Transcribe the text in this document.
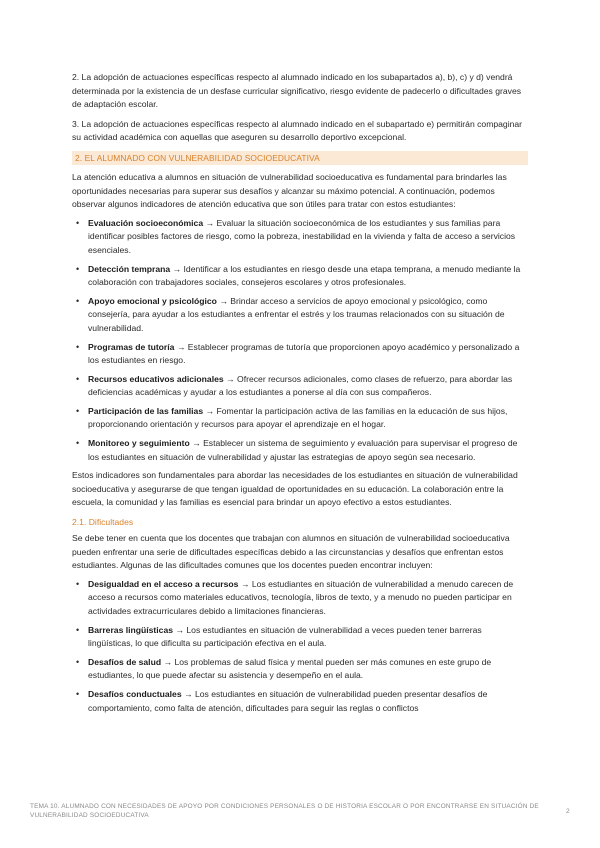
2. La adopción de actuaciones específicas respecto al alumnado indicado en los subapartados a), b), c) y d) vendrá determinada por la existencia de un desfase curricular significativo, riesgo evidente de padecerlo o dificultades graves de adaptación escolar.

3. La adopción de actuaciones específicas respecto al alumnado indicado en el subapartado e) permitirán compaginar su actividad académica con aquellas que aseguren su desarrollo deportivo excepcional.

2. EL ALUMNADO CON VULNERABILIDAD SOCIOEDUCATIVA

La atención educativa a alumnos en situación de vulnerabilidad socioeducativa es fundamental para brindarles las oportunidades necesarias para superar sus desafíos y alcanzar su máximo potencial. A continuación, podemos observar algunos indicadores de atención educativa que son útiles para tratar con estos estudiantes:

• Evaluación socioeconómica → Evaluar la situación socioeconómica de los estudiantes y sus familias para identificar posibles factores de riesgo, como la pobreza, inestabilidad en la vivienda y falta de acceso a servicios esenciales.
• Detección temprana → Identificar a los estudiantes en riesgo desde una etapa temprana, a menudo mediante la colaboración con trabajadores sociales, consejeros escolares y otros profesionales.
• Apoyo emocional y psicológico → Brindar acceso a servicios de apoyo emocional y psicológico, como consejería, para ayudar a los estudiantes a enfrentar el estrés y los traumas relacionados con su situación de vulnerabilidad.
• Programas de tutoría → Establecer programas de tutoría que proporcionen apoyo académico y personalizado a los estudiantes en riesgo.
• Recursos educativos adicionales → Ofrecer recursos adicionales, como clases de refuerzo, para abordar las deficiencias académicas y ayudar a los estudiantes a ponerse al día con sus compañeros.
• Participación de las familias → Fomentar la participación activa de las familias en la educación de sus hijos, proporcionando orientación y recursos para apoyar el aprendizaje en el hogar.
• Monitoreo y seguimiento → Establecer un sistema de seguimiento y evaluación para supervisar el progreso de los estudiantes en situación de vulnerabilidad y ajustar las estrategias de apoyo según sea necesario.

Estos indicadores son fundamentales para abordar las necesidades de los estudiantes en situación de vulnerabilidad socioeducativa y asegurarse de que tengan igualdad de oportunidades en su educación. La colaboración entre la escuela, la comunidad y las familias es esencial para brindar un apoyo efectivo a estos estudiantes.

2.1. Dificultades

Se debe tener en cuenta que los docentes que trabajan con alumnos en situación de vulnerabilidad socioeducativa pueden enfrentar una serie de dificultades específicas debido a las circunstancias y desafíos que enfrentan estos estudiantes. Algunas de las dificultades comunes que los docentes pueden encontrar incluyen:

• Desigualdad en el acceso a recursos → Los estudiantes en situación de vulnerabilidad a menudo carecen de acceso a recursos como materiales educativos, tecnología, libros de texto, y a menudo no pueden participar en actividades extracurriculares debido a limitaciones financieras.
• Barreras lingüísticas → Los estudiantes en situación de vulnerabilidad a veces pueden tener barreras lingüísticas, lo que dificulta su participación efectiva en el aula.
• Desafíos de salud → Los problemas de salud física y mental pueden ser más comunes en este grupo de estudiantes, lo que puede afectar su asistencia y desempeño en el aula.
• Desafíos conductuales → Los estudiantes en situación de vulnerabilidad pueden presentar desafíos de comportamiento, como falta de atención, dificultades para seguir las reglas o conflictos
TEMA 10. ALUMNADO CON NECESIDADES DE APOYO POR CONDICIONES PERSONALES O DE HISTORIA ESCOLAR O POR ENCONTRARSE EN SITUACIÓN DE VULNERABILIDAD SOCIOEDUCATIVA
2
